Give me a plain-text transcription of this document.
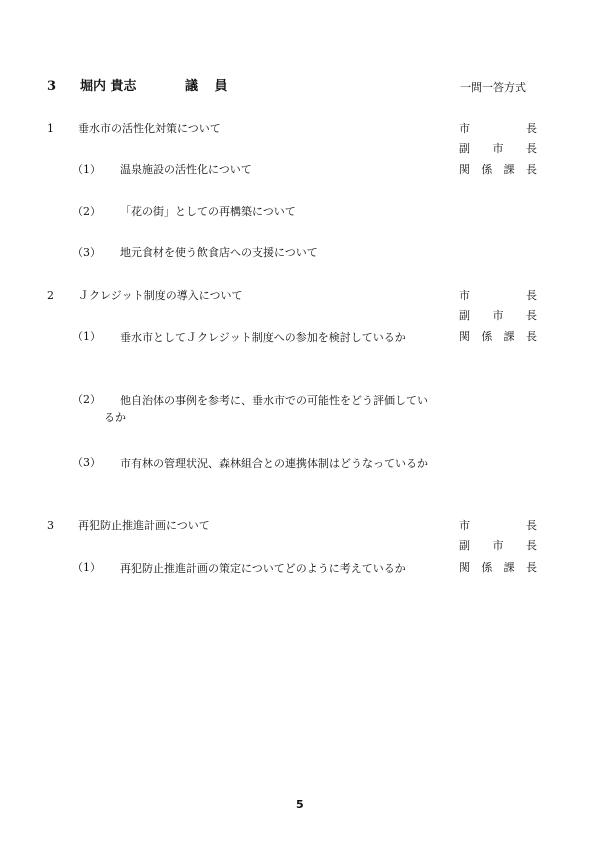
3 堀内 貴志	議 員	一問一答方式
1 垂水市の活性化対策について	市	長
副 市 長
（1） 温泉施設の活性化について	関 係 課 長
（2） 「花の街」としての再構築について
（3） 地元食材を使う飲食店への支援について
2 Ｊクレジット制度の導入について	市	長
副 市 長
（1）	垂水市としてＪクレジット制度への参加を検討しているか	関 係 課 長
（2）	他自治体の事例を参考に、垂水市での可能性をどう評価しているか
（3）	市有林の管理状況、森林組合との連携体制はどうなっているか
3 再犯防止推進計画について	市	長
副 市 長
（1）	再犯防止推進計画の策定についてどのように考えているか	関 係 課 長
5
